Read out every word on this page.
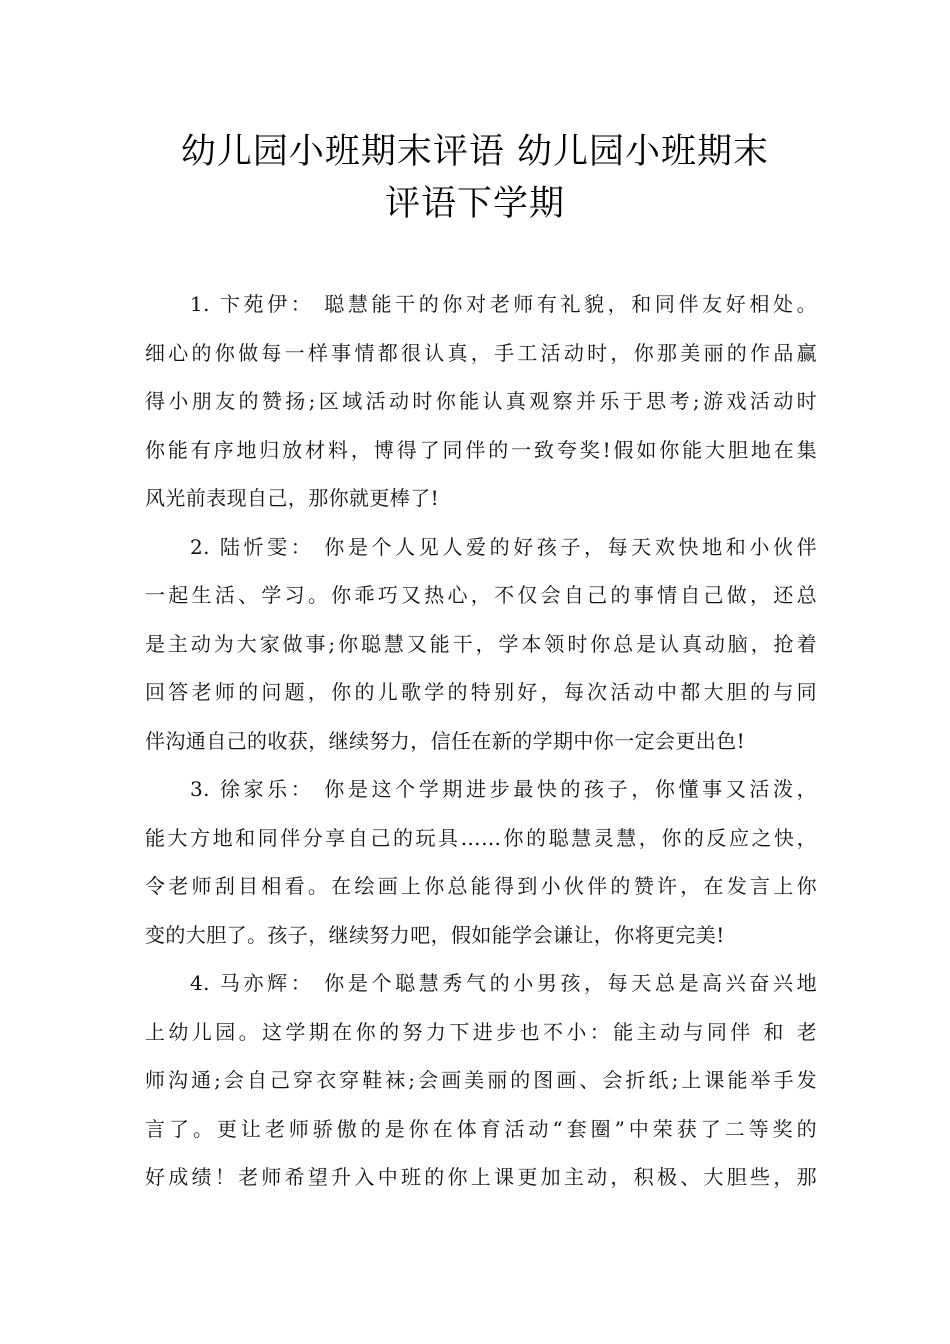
幼儿园小班期末评语 幼儿园小班期末
评语下学期
1. 卞苑伊： 聪慧能干的你对老师有礼貌，和同伴友好相处。
细心的你做每一样事情都很认真，手工活动时，你那美丽的作品赢
得小朋友的赞扬;区域活动时你能认真观察并乐于思考;游戏活动时
你能有序地归放材料，博得了同伴的一致夸奖!假如你能大胆地在集
风光前表现自己，那你就更棒了!
2. 陆忻雯： 你是个人见人爱的好孩子，每天欢快地和小伙伴
一起生活、学习。你乖巧又热心，不仅会自己的事情自己做，还总
是主动为大家做事;你聪慧又能干，学本领时你总是认真动脑，抢着
回答老师的问题，你的儿歌学的特别好，每次活动中都大胆的与同
伴沟通自己的收获，继续努力，信任在新的学期中你一定会更出色!
3. 徐家乐： 你是这个学期进步最快的孩子，你懂事又活泼，
能大方地和同伴分享自己的玩具……你的聪慧灵慧，你的反应之快，
令老师刮目相看。在绘画上你总能得到小伙伴的赞许，在发言上你
变的大胆了。孩子，继续努力吧，假如能学会谦让，你将更完美!
4. 马亦辉： 你是个聪慧秀气的小男孩，每天总是高兴奋兴地
上幼儿园。这学期在你的努力下进步也不小：能主动与同伴 和 老
师沟通;会自己穿衣穿鞋袜;会画美丽的图画、会折纸;上课能举手发
言了。更让老师骄傲的是你在体育活动“套圈”中荣获了二等奖的
好成绩！老师希望升入中班的你上课更加主动，积极、大胆些，那
